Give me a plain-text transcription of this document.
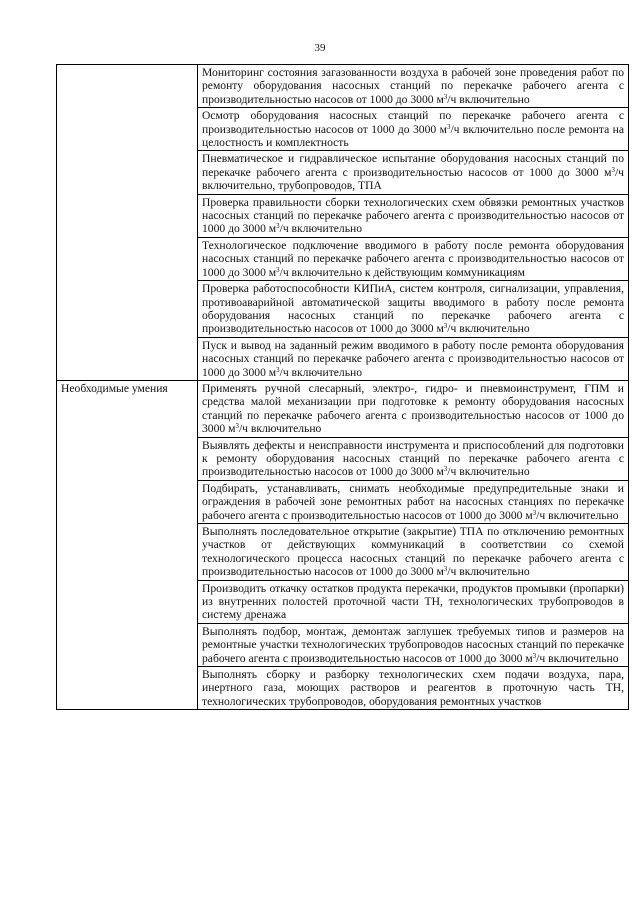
39
	Мониторинг состояния загазованности воздуха в рабочей зоне проведения работ по ремонту оборудования насосных станций по перекачке рабочего агента с производительностью насосов от 1000 до 3000 $м^3/ч$ включительно
	Осмотр оборудования насосных станций по перекачке рабочего агента с производительностью насосов от 1000 до 3000 $м^3/ч$ включительно после ремонта на целостность и комплектность
	Пневматическое и гидравлическое испытание оборудования насосных станций по перекачке рабочего агента с производительностью насосов от 1000 до 3000 $м^3/ч$ включительно, трубопроводов, ТПА
	Проверка правильности сборки технологических схем обвязки ремонтных участков насосных станций по перекачке рабочего агента с производительностью насосов от 1000 до 3000 $м^3/ч$ включительно
	Технологическое подключение вводимого в работу после ремонта оборудования насосных станций по перекачке рабочего агента с производительностью насосов от 1000 до 3000 $м^3/ч$ включительно к действующим коммуникациям
	Проверка работоспособности КИПиА, систем контроля, сигнализации, управления, противоаварийной автоматической защиты вводимого в работу после ремонта оборудования насосных станций по перекачке рабочего агента с производительностью насосов от 1000 до 3000 $м^3/ч$ включительно
	Пуск и вывод на заданный режим вводимого в работу после ремонта оборудования насосных станций по перекачке рабочего агента с производительностью насосов от 1000 до 3000 $м^3/ч$ включительно
Необходимые умения	Применять ручной слесарный, электро-, гидро- и пневмоинструмент, ГПМ и средства малой механизации при подготовке к ремонту оборудования насосных станций по перекачке рабочего агента с производительностью насосов от 1000 до 3000 $м^3/ч$ включительно
	Выявлять дефекты и неисправности инструмента и приспособлений для подготовки к ремонту оборудования насосных станций по перекачке рабочего агента с производительностью насосов от 1000 до 3000 $м^3/ч$ включительно
	Подбирать, устанавливать, снимать необходимые предупредительные знаки и ограждения в рабочей зоне ремонтных работ на насосных станциях по перекачке рабочего агента с производительностью насосов от 1000 до 3000 $м^3/ч$ включительно
	Выполнять последовательное открытие (закрытие) ТПА по отключению ремонтных участков от действующих коммуникаций в соответствии со схемой технологического процесса насосных станций по перекачке рабочего агента с производительностью насосов от 1000 до 3000 $м^3/ч$ включительно
	Производить откачку остатков продукта перекачки, продуктов промывки (пропарки) из внутренних полостей проточной части ТН, технологических трубопроводов в систему дренажа
	Выполнять подбор, монтаж, демонтаж заглушек требуемых типов и размеров на ремонтные участки технологических трубопроводов насосных станций по перекачке рабочего агента с производительностью насосов от 1000 до 3000 $м^3/ч$ включительно
	Выполнять сборку и разборку технологических схем подачи воздуха, пара, инертного газа, моющих растворов и реагентов в проточную часть ТН, технологических трубопроводов, оборудования ремонтных участков
